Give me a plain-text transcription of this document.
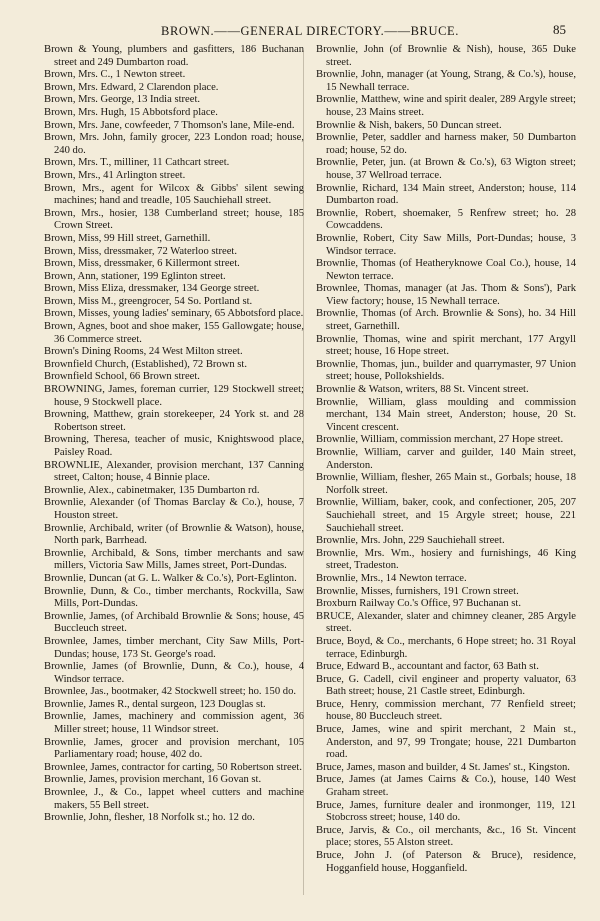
BROWN.——GENERAL DIRECTORY.——BRUCE.	85

Brown & Young, plumbers and gasfitters, 186 Buchanan street and 249 Dumbarton road.

Brown, Mrs. C., 1 Newton street.

Brown, Mrs. Edward, 2 Clarendon place.

Brown, Mrs. George, 13 India street.

Brown, Mrs. Hugh, 15 Abbotsford place.

Brown, Mrs. Jane, cowfeeder, 7 Thomson's lane, Mile-end.

Brown, Mrs. John, family grocer, 223 London road; house, 240 do.

Brown, Mrs. T., milliner, 11 Cathcart street.

Brown, Mrs., 41 Arlington street.

Brown, Mrs., agent for Wilcox & Gibbs' silent sewing machines; hand and treadle, 105 Sauchiehall street.

Brown, Mrs., hosier, 138 Cumberland street; house, 185 Crown Street.

Brown, Miss, 99 Hill street, Garnethill.

Brown, Miss, dressmaker, 72 Waterloo street.

Brown, Miss, dressmaker, 6 Killermont street.

Brown, Ann, stationer, 199 Eglinton street.

Brown, Miss Eliza, dressmaker, 134 George street.

Brown, Miss M., greengrocer, 54 So. Portland st.

Brown, Misses, young ladies' seminary, 65 Abbotsford place.

Brown, Agnes, boot and shoe maker, 155 Gallowgate; house, 36 Commerce street.

Brown's Dining Rooms, 24 West Milton street.

Brownfield Church, (Established), 72 Brown st.

Brownfield School, 66 Brown street.

BROWNING, James, foreman currier, 129 Stockwell street; house, 9 Stockwell place.

Browning, Matthew, grain storekeeper, 24 York st. and 28 Robertson street.

Browning, Theresa, teacher of music, Knightswood place, Paisley Road.

BROWNLIE, Alexander, provision merchant, 137 Canning street, Calton; house, 4 Binnie place.

Brownlie, Alex., cabinetmaker, 135 Dumbarton rd.

Brownlie, Alexander (of Thomas Barclay & Co.), house, 7 Houston street.

Brownlie, Archibald, writer (of Brownlie & Watson), house, North park, Barrhead.

Brownlie, Archibald, & Sons, timber merchants and saw millers, Victoria Saw Mills, James street, Port-Dundas.

Brownlie, Duncan (at G. L. Walker & Co.'s), Port-Eglinton.

Brownlie, Dunn, & Co., timber merchants, Rockvilla, Saw Mills, Port-Dundas.

Brownlie, James, (of Archibald Brownlie & Sons; house, 45 Buccleuch street.

Brownlee, James, timber merchant, City Saw Mills, Port-Dundas; house, 173 St. George's road.

Brownlie, James (of Brownlie, Dunn, & Co.), house, 4 Windsor terrace.

Brownlee, Jas., bootmaker, 42 Stockwell street; ho. 150 do.

Brownlie, James R., dental surgeon, 123 Douglas st.

Brownlie, James, machinery and commission agent, 36 Miller street; house, 11 Windsor street.

Brownlie, James, grocer and provision merchant, 105 Parliamentary road; house, 402 do.

Brownlee, James, contractor for carting, 50 Robertson street.

Brownlie, James, provision merchant, 16 Govan st.

Brownlee, J., & Co., lappet wheel cutters and machine makers, 55 Bell street.

Brownlie, John, flesher, 18 Norfolk st.; ho. 12 do.

Brownlie, John (of Brownlie & Nish), house, 365 Duke street.

Brownlie, John, manager (at Young, Strang, & Co.'s), house, 15 Newhall terrace.

Brownlie, Matthew, wine and spirit dealer, 289 Argyle street; house, 23 Mains street.

Brownlie & Nish, bakers, 50 Duncan street.

Brownlie, Peter, saddler and harness maker, 50 Dumbarton road; house, 52 do.

Brownlie, Peter, jun. (at Brown & Co.'s), 63 Wigton street; house, 37 Wellroad terrace.

Brownlie, Richard, 134 Main street, Anderston; house, 114 Dumbarton road.

Brownlie, Robert, shoemaker, 5 Renfrew street; ho. 28 Cowcaddens.

Brownlie, Robert, City Saw Mills, Port-Dundas; house, 3 Windsor terrace.

Brownlie, Thomas (of Heatheryknowe Coal Co.), house, 14 Newton terrace.

Brownlee, Thomas, manager (at Jas. Thom & Sons'), Park View factory; house, 15 Newhall terrace.

Brownlie, Thomas (of Arch. Brownlie & Sons), ho. 34 Hill street, Garnethill.

Brownlie, Thomas, wine and spirit merchant, 177 Argyll street; house, 16 Hope street.

Brownlie, Thomas, jun., builder and quarrymaster, 97 Union street; house, Pollokshields.

Brownlie & Watson, writers, 88 St. Vincent street.

Brownlie, William, glass moulding and commission merchant, 134 Main street, Anderston; house, 20 St. Vincent crescent.

Brownlie, William, commission merchant, 27 Hope street.

Brownlie, William, carver and guilder, 140 Main street, Anderston.

Brownlie, William, flesher, 265 Main st., Gorbals; house, 18 Norfolk street.

Brownlie, William, baker, cook, and confectioner, 205, 207 Sauchiehall street, and 15 Argyle street; house, 221 Sauchiehall street.

Brownlie, Mrs. John, 229 Sauchiehall street.

Brownlie, Mrs. Wm., hosiery and furnishings, 46 King street, Tradeston.

Brownlie, Mrs., 14 Newton terrace.

Brownlie, Misses, furnishers, 191 Crown street.

Broxburn Railway Co.'s Office, 97 Buchanan st.

BRUCE, Alexander, slater and chimney cleaner, 285 Argyle street.

Bruce, Boyd, & Co., merchants, 6 Hope street; ho. 31 Royal terrace, Edinburgh.

Bruce, Edward B., accountant and factor, 63 Bath st.

Bruce, G. Cadell, civil engineer and property valuator, 63 Bath street; house, 21 Castle street, Edinburgh.

Bruce, Henry, commission merchant, 77 Renfield street; house, 80 Buccleuch street.

Bruce, James, wine and spirit merchant, 2 Main st., Anderston, and 97, 99 Trongate; house, 221 Dumbarton road.

Bruce, James, mason and builder, 4 St. James' st., Kingston.

Bruce, James (at James Cairns & Co.), house, 140 West Graham street.

Bruce, James, furniture dealer and ironmonger, 119, 121 Stobcross street; house, 140 do.

Bruce, Jarvis, & Co., oil merchants, &c., 16 St. Vincent place; stores, 55 Alston street.

Bruce, John J. (of Paterson & Bruce), residence, Hogganfield house, Hogganfield.
